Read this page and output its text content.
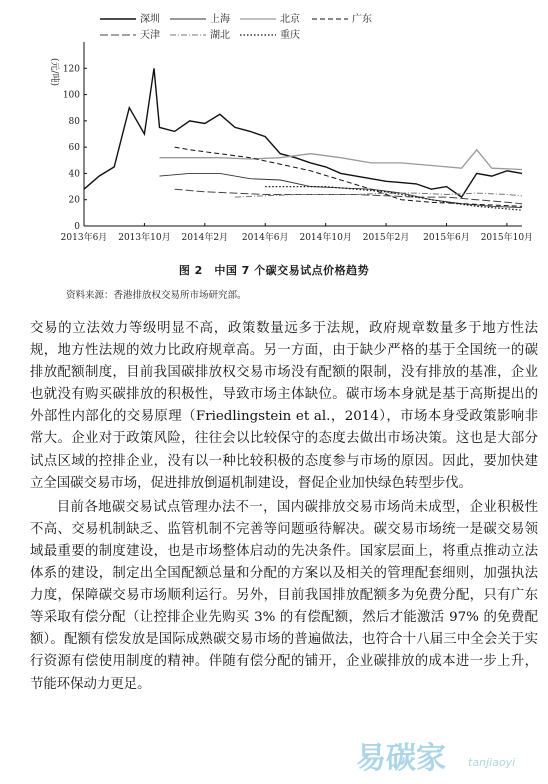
0
20
40
60
80
100
120
2013年6月 2013年10月 2014年2月 2014年6月 2014年10月 2015年2月 2015年6月 2015年10月
深圳	上海	北京	广东
天津	湖北	重庆
(元/吨)
图 2　中国 7 个碳交易试点价格趋势
资料来源：香港排放权交易所市场研究部。

交易的立法效力等级明显不高，政策数量远多于法规，政府规章数量多于地方性法规，地方性法规的效力比政府规章高。另一方面，由于缺少严格的基于全国统一的碳排放配额制度，目前我国碳排放权交易市场没有配额的限制，没有排放的基准，企业也就没有购买碳排放的积极性，导致市场主体缺位。碳市场本身就是基于高斯提出的外部性内部化的交易原理（Friedlingstein et al.，2014），市场本身受政策影响非常大。企业对于政策风险，往往会以比较保守的态度去做出市场决策。这也是大部分试点区域的控排企业，没有以一种比较积极的态度参与市场的原因。因此，要加快建立全国碳交易市场，促进排放倒逼机制建设，督促企业加快绿色转型步伐。

目前各地碳交易试点管理办法不一，国内碳排放交易市场尚未成型，企业积极性不高、交易机制缺乏、监管机制不完善等问题亟待解决。碳交易市场统一是碳交易领域最重要的制度建设，也是市场整体启动的先决条件。国家层面上，将重点推动立法体系的建设，制定出全国配额总量和分配的方案以及相关的管理配套细则，加强执法力度，保障碳交易市场顺利运行。另外，目前我国排放配额多为免费分配，只有广东等采取有偿分配（让控排企业先购买 3% 的有偿配额，然后才能激活 97% 的免费配额）。配额有偿发放是国际成熟碳交易市场的普遍做法，也符合十八届三中全会关于实行资源有偿使用制度的精神。伴随有偿分配的铺开，企业碳排放的成本进一步上升，节能环保动力更足。

易碳家 tanjiaoyi
